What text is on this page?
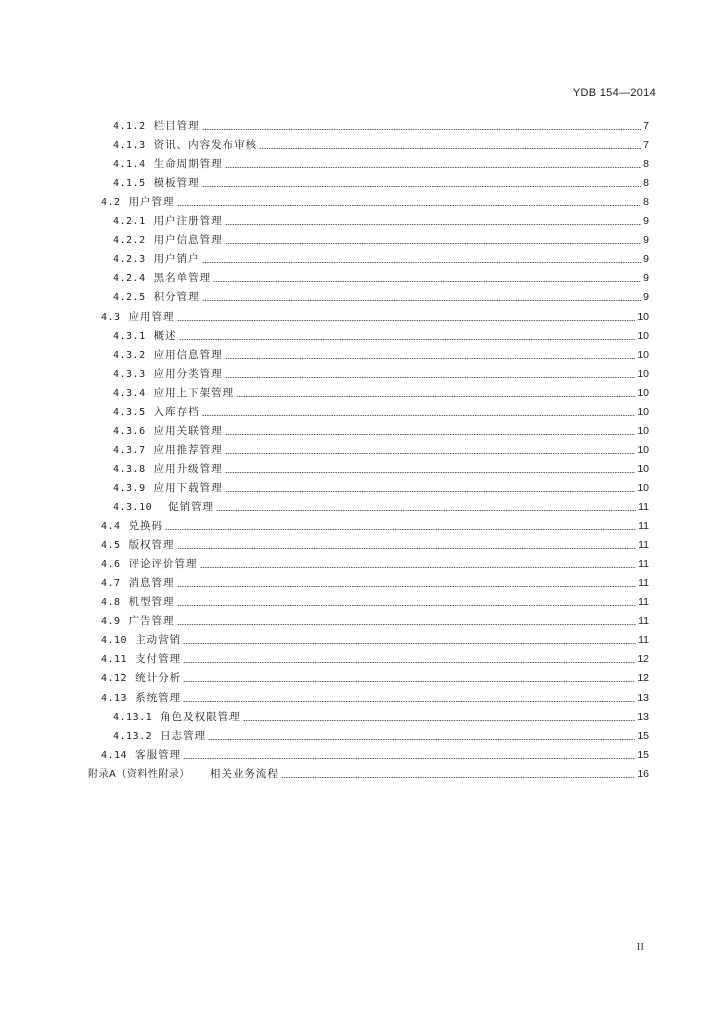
YDB 154—2014
4.1.2 栏目管理	7
4.1.3 资讯、内容发布审核	7
4.1.4 生命周期管理	8
4.1.5 模板管理	8
4.2 用户管理	8
4.2.1 用户注册管理	9
4.2.2 用户信息管理	9
4.2.3 用户销户	9
4.2.4 黑名单管理	9
4.2.5 积分管理	9
4.3 应用管理	10
4.3.1 概述	10
4.3.2 应用信息管理	10
4.3.3 应用分类管理	10
4.3.4 应用上下架管理	10
4.3.5 入库存档	10
4.3.6 应用关联管理	10
4.3.7 应用推荐管理	10
4.3.8 应用升级管理	10
4.3.9 应用下载管理	10
4.3.10 促销管理	11
4.4 兑换码	11
4.5 版权管理	11
4.6 评论评价管理	11
4.7 消息管理	11
4.8 机型管理	11
4.9 广告管理	11
4.10 主动营销	11
4.11 支付管理	12
4.12 统计分析	12
4.13 系统管理	13
4.13.1 角色及权限管理	13
4.13.2 日志管理	15
4.14 客服管理	15
附录A（资料性附录） 相关业务流程	16
II
